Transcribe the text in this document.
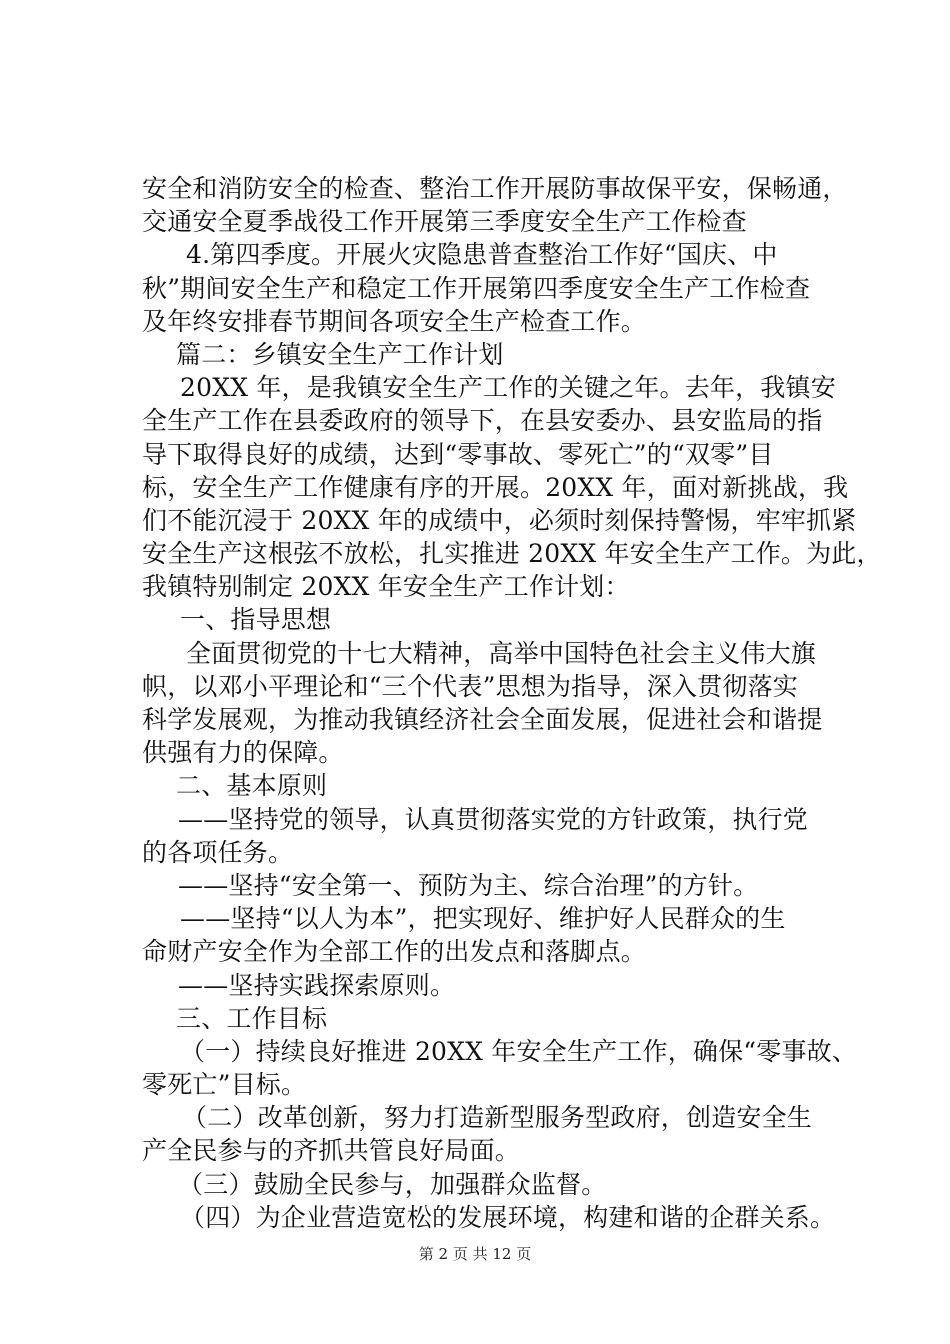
安全和消防安全的检查、整治工作开展防事故保平安，保畅通，
交通安全夏季战役工作开展第三季度安全生产工作检查
4.第四季度。开展火灾隐患普查整治工作好“国庆、中
秋”期间安全生产和稳定工作开展第四季度安全生产工作检查
及年终安排春节期间各项安全生产检查工作。
篇二：乡镇安全生产工作计划
20XX 年，是我镇安全生产工作的关键之年。去年，我镇安
全生产工作在县委政府的领导下，在县安委办、县安监局的指
导下取得良好的成绩，达到“零事故、零死亡”的“双零”目
标，安全生产工作健康有序的开展。20XX 年，面对新挑战，我
们不能沉浸于 20XX 年的成绩中，必须时刻保持警惕，牢牢抓紧
安全生产这根弦不放松，扎实推进 20XX 年安全生产工作。为此，
我镇特别制定 20XX 年安全生产工作计划：
一、指导思想
全面贯彻党的十七大精神，高举中国特色社会主义伟大旗
帜，以邓小平理论和“三个代表”思想为指导，深入贯彻落实
科学发展观，为推动我镇经济社会全面发展，促进社会和谐提
供强有力的保障。
二、基本原则
——坚持党的领导，认真贯彻落实党的方针政策，执行党
的各项任务。
——坚持“安全第一、预防为主、综合治理”的方针。
——坚持“以人为本”，把实现好、维护好人民群众的生
命财产安全作为全部工作的出发点和落脚点。
——坚持实践探索原则。
三、工作目标
（一）持续良好推进 20XX 年安全生产工作，确保“零事故、
零死亡”目标。
（二）改革创新，努力打造新型服务型政府，创造安全生
产全民参与的齐抓共管良好局面。
（三）鼓励全民参与，加强群众监督。
（四）为企业营造宽松的发展环境，构建和谐的企群关系。
第 2 页 共 12 页
